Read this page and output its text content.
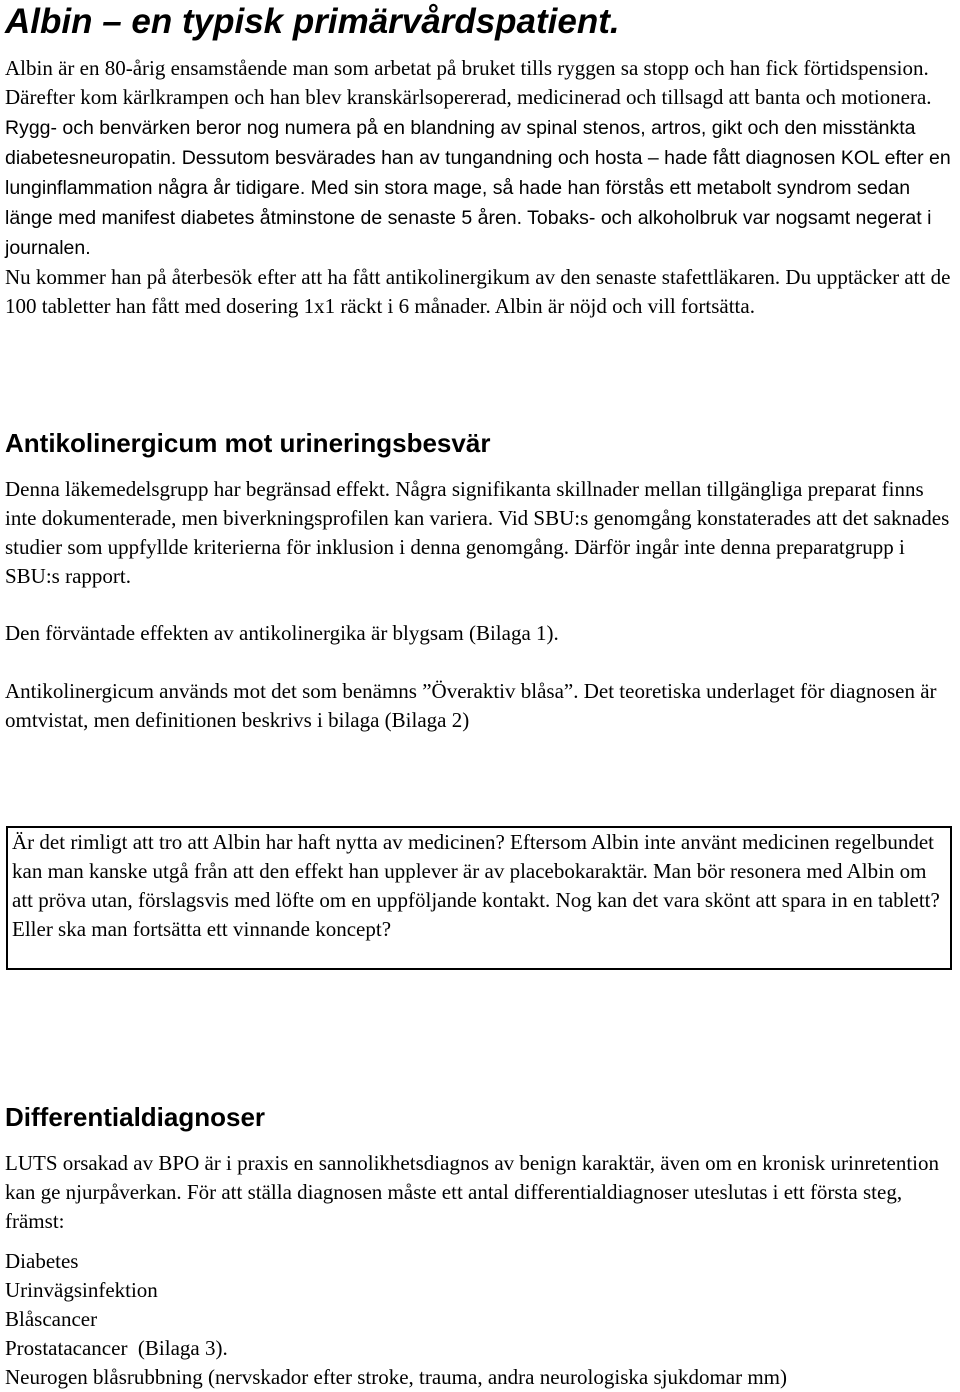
Albin – en typisk primärvårdspatient.
Albin är en 80-årig ensamstående man som arbetat på bruket tills ryggen sa stopp och han fick förtidspension. Därefter kom kärlkrampen och han blev kranskärlsopererad, medicinerad och tillsagd att banta och motionera. Rygg- och benvärken beror nog numera på en blandning av spinal stenos, artros, gikt och den misstänkta diabetesneuropatin. Dessutom besvärades han av tungandning och hosta – hade fått diagnosen KOL efter en lunginflammation några år tidigare. Med sin stora mage, så hade han förstås ett metabolt syndrom sedan länge med manifest diabetes åtminstone de senaste 5 åren. Tobaks- och alkoholbruk var nogsamt negerat i journalen.
Nu kommer han på återbesök efter att ha fått antikolinergikum av den senaste stafettläkaren. Du upptäcker att de 100 tabletter han fått med dosering 1x1 räckt i 6 månader. Albin är nöjd och vill fortsätta.
Antikolinergicum mot urineringsbesvär

Denna läkemedelsgrupp har begränsad effekt. Några signifikanta skillnader mellan tillgängliga preparat finns inte dokumenterade, men biverkningsprofilen kan variera. Vid SBU:s genomgång konstaterades att det saknades studier som uppfyllde kriterierna för inklusion i denna genomgång. Därför ingår inte denna preparatgrupp i SBU:s rapport.

Den förväntade effekten av antikolinergika är blygsam (Bilaga 1).

Antikolinergicum används mot det som benämns ”Överaktiv blåsa”. Det teoretiska underlaget för diagnosen är omtvistat, men definitionen beskrivs i bilaga (Bilaga 2)

Är det rimligt att tro att Albin har haft nytta av medicinen? Eftersom Albin inte använt medicinen regelbundet kan man kanske utgå från att den effekt han upplever är av placebokaraktär. Man bör resonera med Albin om att pröva utan, förslagsvis med löfte om en uppföljande kontakt. Nog kan det vara skönt att spara in en tablett? Eller ska man fortsätta ett vinnande koncept?
Differentialdiagnoser

LUTS orsakad av BPO är i praxis en sannolikhetsdiagnos av benign karaktär, även om en kronisk urinretention kan ge njurpåverkan. För att ställa diagnosen måste ett antal differentialdiagnoser uteslutas i ett första steg, främst:

Diabetes
Urinvägsinfektion
Blåscancer
Prostatacancer  (Bilaga 3).
Neurogen blåsrubbning (nervskador efter stroke, trauma, andra neurologiska sjukdomar mm)
